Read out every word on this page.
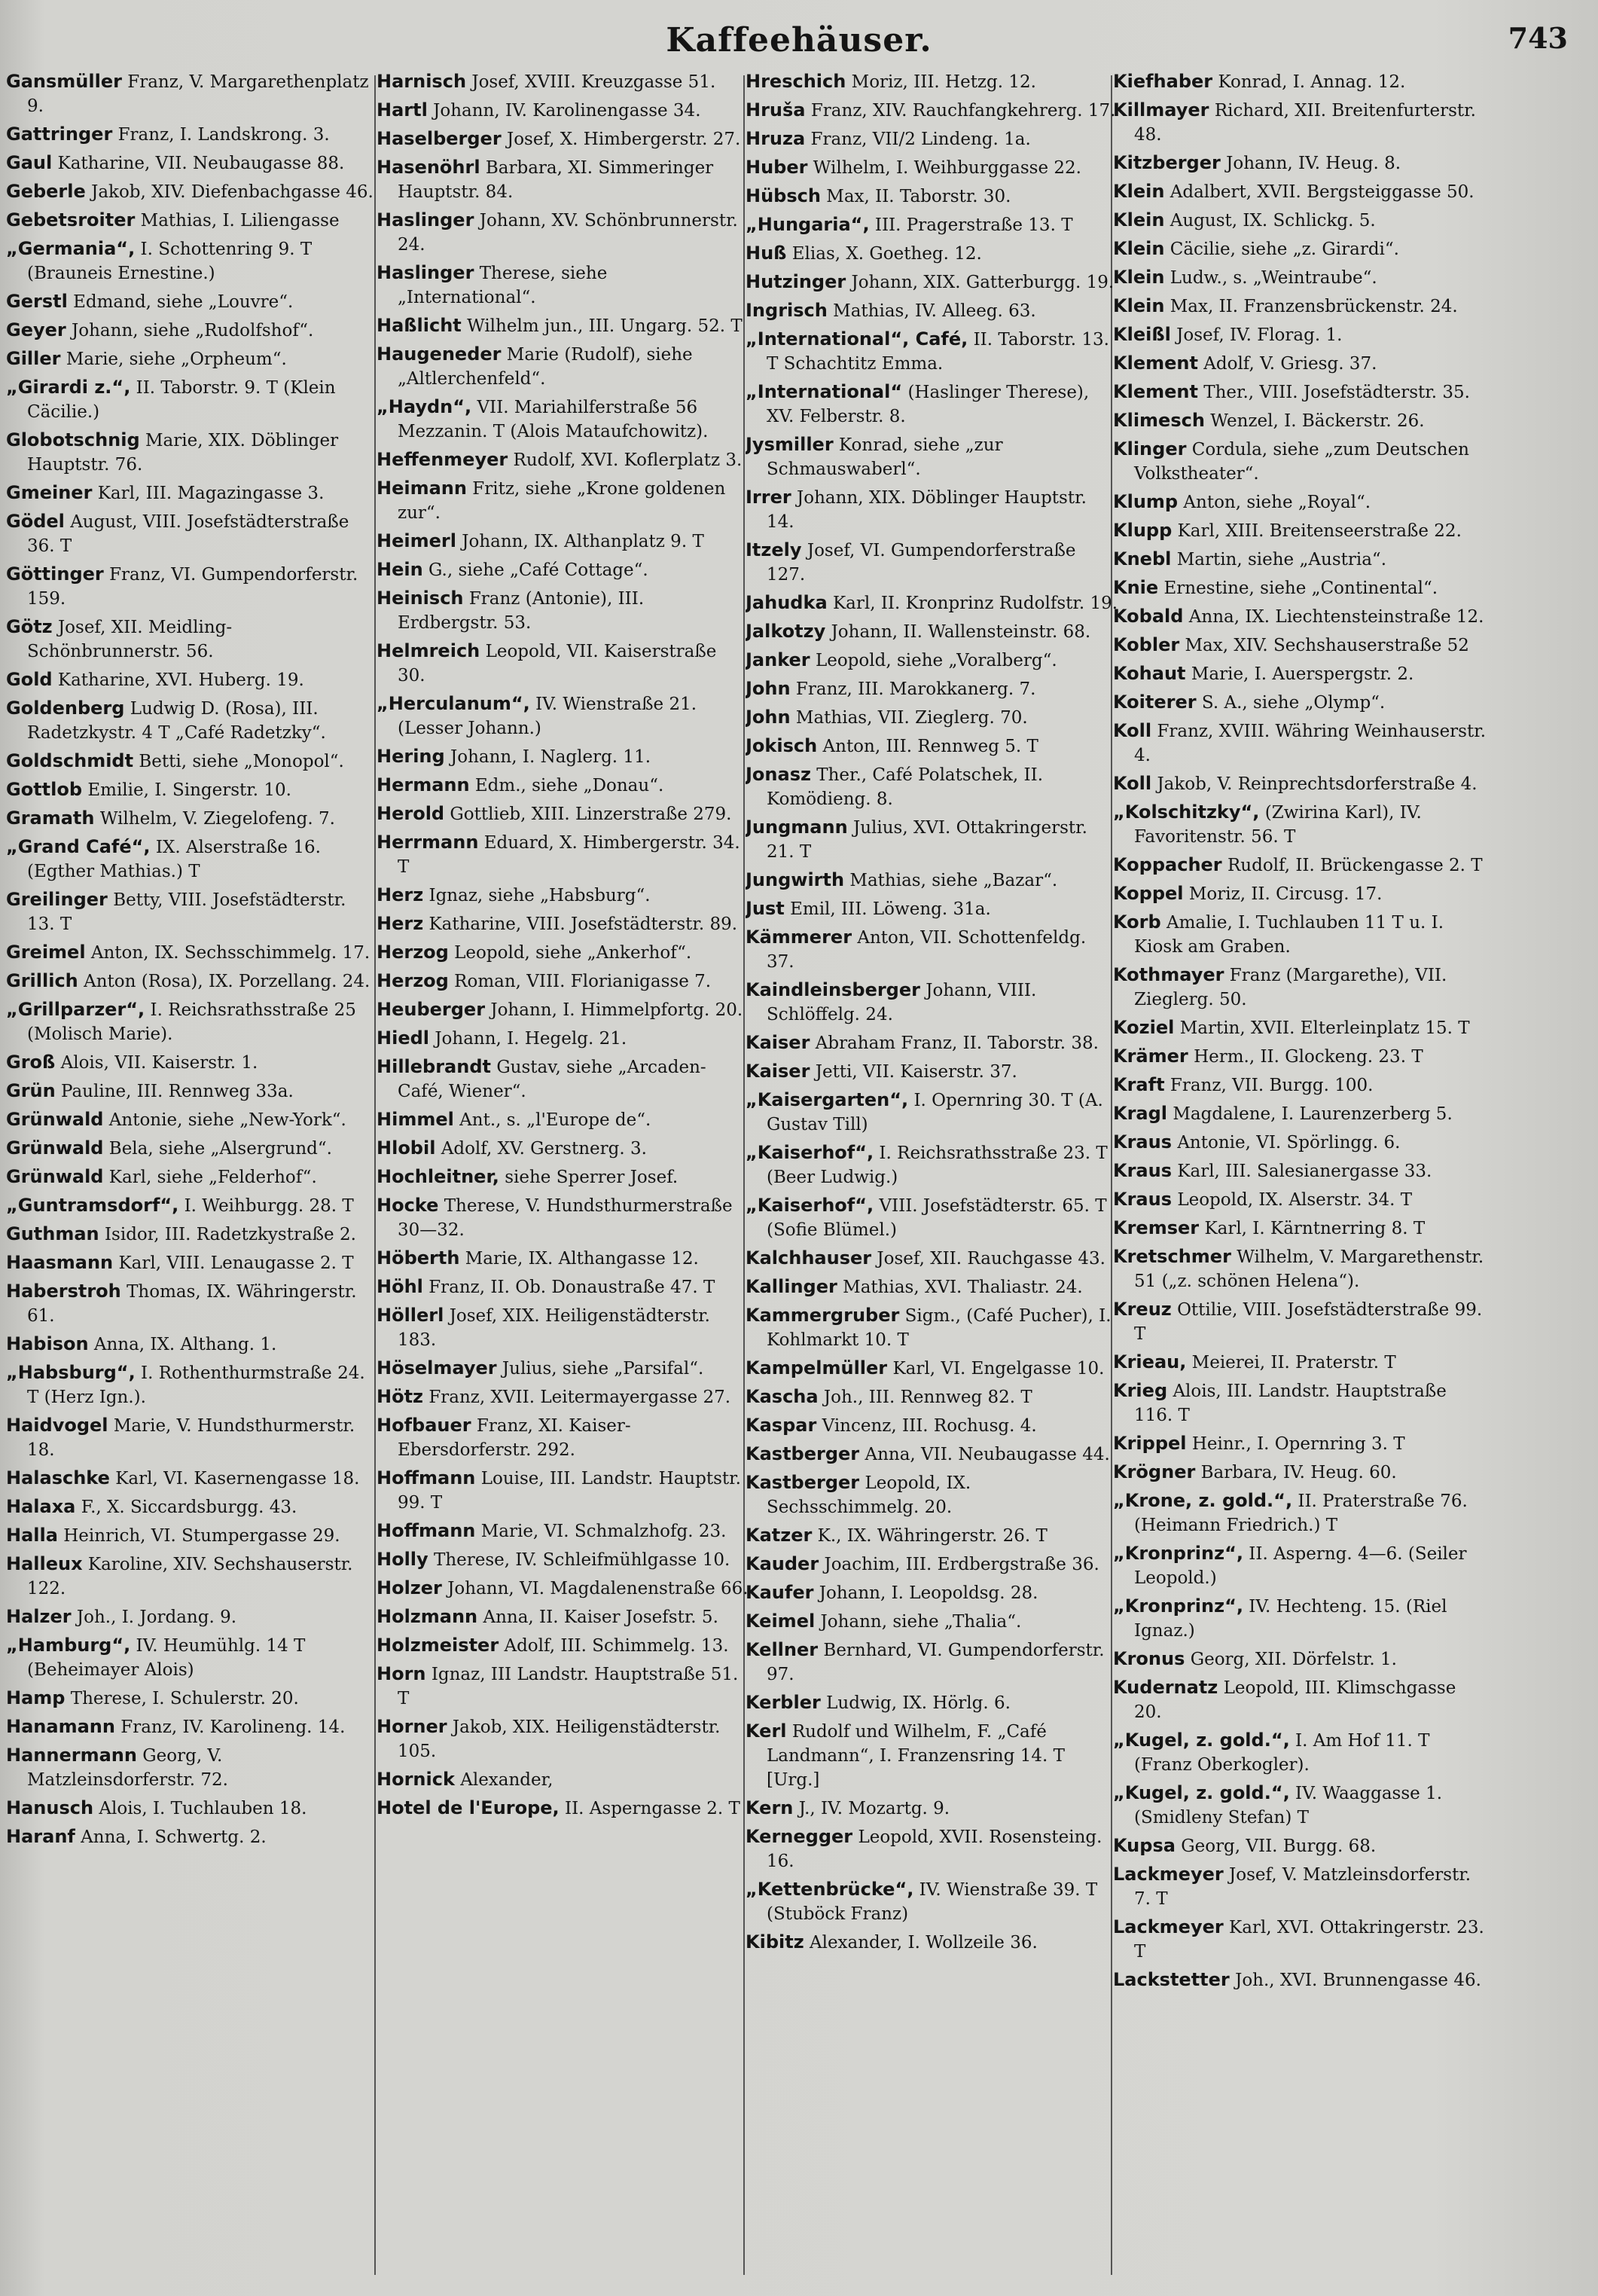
Kaffeehäuser.	743
Gansmüller Franz, V. Margarethenplatz 9.
Gattringer Franz, I. Landskrong. 3.
Gaul Katharine, VII. Neubaugasse 88.
Geberle Jakob, XIV. Diefenbachgasse 46.
Gebetsroiter Mathias, I. Liliengasse
„Germania“, I. Schottenring 9. T (Brauneis Ernestine.)
Gerstl Edmand, siehe „Louvre“.
Geyer Johann, siehe „Rudolfshof“.
Giller Marie, siehe „Orpheum“.
„Girardi z.“, II. Taborstr. 9. T (Klein Cäcilie.)
Globotschnig Marie, XIX. Döblinger Hauptstr. 76.
Gmeiner Karl, III. Magazingasse 3.
Gödel August, VIII. Josefstädterstraße 36. T
Göttinger Franz, VI. Gumpendorferstr. 159.
Götz Josef, XII. Meidling-Schönbrunnerstr. 56.
Gold Katharine, XVI. Huberg. 19.
Goldenberg Ludwig D. (Rosa), III. Radetzkystr. 4 T „Café Radetzky“.
Goldschmidt Betti, siehe „Monopol“.
Gottlob Emilie, I. Singerstr. 10.
Gramath Wilhelm, V. Ziegelofeng. 7.
„Grand Café“, IX. Alserstraße 16. (Egther Mathias.) T
Greilinger Betty, VIII. Josefstädterstr. 13. T
Greimel Anton, IX. Sechsschimmelg. 17.
Grillich Anton (Rosa), IX. Porzellang. 24.
„Grillparzer“, I. Reichsrathsstraße 25 (Molisch Marie).
Groß Alois, VII. Kaiserstr. 1.
Grün Pauline, III. Rennweg 33a.
Grünwald Antonie, siehe „New-York“.
Grünwald Bela, siehe „Alsergrund“.
Grünwald Karl, siehe „Felderhof“.
„Guntramsdorf“, I. Weihburgg. 28. T
Guthman Isidor, III. Radetzkystraße 2.
Haasmann Karl, VIII. Lenaugasse 2. T
Haberstroh Thomas, IX. Währingerstr. 61.
Habison Anna, IX. Althang. 1.
„Habsburg“, I. Rothenthurmstraße 24. T (Herz Ign.).
Haidvogel Marie, V. Hundsthurmerstr. 18.
Halaschke Karl, VI. Kasernengasse 18.
Halaxa F., X. Siccardsburgg. 43.
Halla Heinrich, VI. Stumpergasse 29.
Halleux Karoline, XIV. Sechshauserstr. 122.
Halzer Joh., I. Jordang. 9.
„Hamburg“, IV. Heumühlg. 14 T (Beheimayer Alois)
Hamp Therese, I. Schulerstr. 20.
Hanamann Franz, IV. Karolineng. 14.
Hannermann Georg, V. Matzleinsdorferstr. 72.
Hanusch Alois, I. Tuchlauben 18.
Haranf Anna, I. Schwertg. 2.
Harnisch Josef, XVIII. Kreuzgasse 51.
Hartl Johann, IV. Karolinengasse 34.
Haselberger Josef, X. Himbergerstr. 27.
Hasenöhrl Barbara, XI. Simmeringer Hauptstr. 84.
Haslinger Johann, XV. Schönbrunnerstr. 24.
Haslinger Therese, siehe „International“.
Haßlicht Wilhelm jun., III. Ungarg. 52. T
Haugeneder Marie (Rudolf), siehe „Altlerchenfeld“.
„Haydn“, VII. Mariahilferstraße 56 Mezzanin. T (Alois Mataufchowitz).
Heffenmeyer Rudolf, XVI. Koflerplatz 3.
Heimann Fritz, siehe „Krone goldenen zur“.
Heimerl Johann, IX. Althanplatz 9. T
Hein G., siehe „Café Cottage“.
Heinisch Franz (Antonie), III. Erdbergstr. 53.
Helmreich Leopold, VII. Kaiserstraße 30.
„Herculanum“, IV. Wienstraße 21. (Lesser Johann.)
Hering Johann, I. Naglerg. 11.
Hermann Edm., siehe „Donau“.
Herold Gottlieb, XIII. Linzerstraße 279.
Herrmann Eduard, X. Himbergerstr. 34. T
Herz Ignaz, siehe „Habsburg“.
Herz Katharine, VIII. Josefstädterstr. 89.
Herzog Leopold, siehe „Ankerhof“.
Herzog Roman, VIII. Florianigasse 7.
Heuberger Johann, I. Himmelpfortg. 20.
Hiedl Johann, I. Hegelg. 21.
Hillebrandt Gustav, siehe „Arcaden-Café, Wiener“.
Himmel Ant., s. „l'Europe de“.
Hlobil Adolf, XV. Gerstnerg. 3.
Hochleitner, siehe Sperrer Josef.
Hocke Therese, V. Hundsthurmerstraße 30—32.
Höberth Marie, IX. Althangasse 12.
Höhl Franz, II. Ob. Donaustraße 47. T
Höllerl Josef, XIX. Heiligenstädterstr. 183.
Höselmayer Julius, siehe „Parsifal“.
Hötz Franz, XVII. Leitermayergasse 27.
Hofbauer Franz, XI. Kaiser-Ebersdorferstr. 292.
Hoffmann Louise, III. Landstr. Hauptstr. 99. T
Hoffmann Marie, VI. Schmalzhofg. 23.
Holly Therese, IV. Schleifmühlgasse 10.
Holzer Johann, VI. Magdalenenstraße 66.
Holzmann Anna, II. Kaiser Josefstr. 5.
Holzmeister Adolf, III. Schimmelg. 13.
Horn Ignaz, III Landstr. Hauptstraße 51. T
Horner Jakob, XIX. Heiligenstädterstr. 105.
Hornick Alexander,
Hotel de l'Europe, II. Asperngasse 2. T
Hreschich Moriz, III. Hetzg. 12.
Hruša Franz, XIV. Rauchfangkehrerg. 17.
Hruza Franz, VII/2 Lindeng. 1a.
Huber Wilhelm, I. Weihburggasse 22.
Hübsch Max, II. Taborstr. 30.
„Hungaria“, III. Pragerstraße 13. T
Huß Elias, X. Goetheg. 12.
Hutzinger Johann, XIX. Gatterburgg. 19.
Ingrisch Mathias, IV. Alleeg. 63.
„International“, Café, II. Taborstr. 13. T Schachtitz Emma.
„International“ (Haslinger Therese), XV. Felberstr. 8.
Jysmiller Konrad, siehe „zur Schmauswaberl“.
Irrer Johann, XIX. Döblinger Hauptstr. 14.
Itzely Josef, VI. Gumpendorferstraße 127.
Jahudka Karl, II. Kronprinz Rudolfstr. 19.
Jalkotzy Johann, II. Wallensteinstr. 68.
Janker Leopold, siehe „Voralberg“.
John Franz, III. Marokkanerg. 7.
John Mathias, VII. Zieglerg. 70.
Jokisch Anton, III. Rennweg 5. T
Jonasz Ther., Café Polatschek, II. Komödieng. 8.
Jungmann Julius, XVI. Ottakringerstr. 21. T
Jungwirth Mathias, siehe „Bazar“.
Just Emil, III. Löweng. 31a.
Kämmerer Anton, VII. Schottenfeldg. 37.
Kaindleinsberger Johann, VIII. Schlöffelg. 24.
Kaiser Abraham Franz, II. Taborstr. 38.
Kaiser Jetti, VII. Kaiserstr. 37.
„Kaisergarten“, I. Opernring 30. T (A. Gustav Till)
„Kaiserhof“, I. Reichsrathsstraße 23. T (Beer Ludwig.)
„Kaiserhof“, VIII. Josefstädterstr. 65. T (Sofie Blümel.)
Kalchhauser Josef, XII. Rauchgasse 43.
Kallinger Mathias, XVI. Thaliastr. 24.
Kammergruber Sigm., (Café Pucher), I. Kohlmarkt 10. T
Kampelmüller Karl, VI. Engelgasse 10.
Kascha Joh., III. Rennweg 82. T
Kaspar Vincenz, III. Rochusg. 4.
Kastberger Anna, VII. Neubaugasse 44.
Kastberger Leopold, IX. Sechsschimmelg. 20.
Katzer K., IX. Währingerstr. 26. T
Kauder Joachim, III. Erdbergstraße 36.
Kaufer Johann, I. Leopoldsg. 28.
Keimel Johann, siehe „Thalia“.
Kellner Bernhard, VI. Gumpendorferstr. 97.
Kerbler Ludwig, IX. Hörlg. 6.
Kerl Rudolf und Wilhelm, F. „Café Landmann“, I. Franzensring 14. T [Urg.]
Kern J., IV. Mozartg. 9.
Kernegger Leopold, XVII. Rosensteing. 16.
„Kettenbrücke“, IV. Wienstraße 39. T (Stuböck Franz)
Kibitz Alexander, I. Wollzeile 36.
Kiefhaber Konrad, I. Annag. 12.
Killmayer Richard, XII. Breitenfurterstr. 48.
Kitzberger Johann, IV. Heug. 8.
Klein Adalbert, XVII. Bergsteiggasse 50.
Klein August, IX. Schlickg. 5.
Klein Cäcilie, siehe „z. Girardi“.
Klein Ludw., s. „Weintraube“.
Klein Max, II. Franzensbrückenstr. 24.
Kleißl Josef, IV. Florag. 1.
Klement Adolf, V. Griesg. 37.
Klement Ther., VIII. Josefstädterstr. 35.
Klimesch Wenzel, I. Bäckerstr. 26.
Klinger Cordula, siehe „zum Deutschen Volkstheater“.
Klump Anton, siehe „Royal“.
Klupp Karl, XIII. Breitenseerstraße 22.
Knebl Martin, siehe „Austria“.
Knie Ernestine, siehe „Continental“.
Kobald Anna, IX. Liechtensteinstraße 12.
Kobler Max, XIV. Sechshauserstraße 52
Kohaut Marie, I. Auerspergstr. 2.
Koiterer S. A., siehe „Olymp“.
Koll Franz, XVIII. Währing Weinhauserstr. 4.
Koll Jakob, V. Reinprechtsdorferstraße 4.
„Kolschitzky“, (Zwirina Karl), IV. Favoritenstr. 56. T
Koppacher Rudolf, II. Brückengasse 2. T
Koppel Moriz, II. Circusg. 17.
Korb Amalie, I. Tuchlauben 11 T u. I. Kiosk am Graben.
Kothmayer Franz (Margarethe), VII. Zieglerg. 50.
Koziel Martin, XVII. Elterleinplatz 15. T
Krämer Herm., II. Glockeng. 23. T
Kraft Franz, VII. Burgg. 100.
Kragl Magdalene, I. Laurenzerberg 5.
Kraus Antonie, VI. Spörlingg. 6.
Kraus Karl, III. Salesianergasse 33.
Kraus Leopold, IX. Alserstr. 34. T
Kremser Karl, I. Kärntnerring 8. T
Kretschmer Wilhelm, V. Margarethenstr. 51 („z. schönen Helena“).
Kreuz Ottilie, VIII. Josefstädterstraße 99. T
Krieau, Meierei, II. Praterstr. T
Krieg Alois, III. Landstr. Hauptstraße 116. T
Krippel Heinr., I. Opernring 3. T
Krögner Barbara, IV. Heug. 60.
„Krone, z. gold.“, II. Praterstraße 76. (Heimann Friedrich.) T
„Kronprinz“, II. Asperng. 4—6. (Seiler Leopold.)
„Kronprinz“, IV. Hechteng. 15. (Riel Ignaz.)
Kronus Georg, XII. Dörfelstr. 1.
Kudernatz Leopold, III. Klimschgasse 20.
„Kugel, z. gold.“, I. Am Hof 11. T (Franz Oberkogler).
„Kugel, z. gold.“, IV. Waaggasse 1. (Smidleny Stefan) T
Kupsa Georg, VII. Burgg. 68.
Lackmeyer Josef, V. Matzleinsdorferstr. 7. T
Lackmeyer Karl, XVI. Ottakringerstr. 23. T
Lackstetter Joh., XVI. Brunnengasse 46.
